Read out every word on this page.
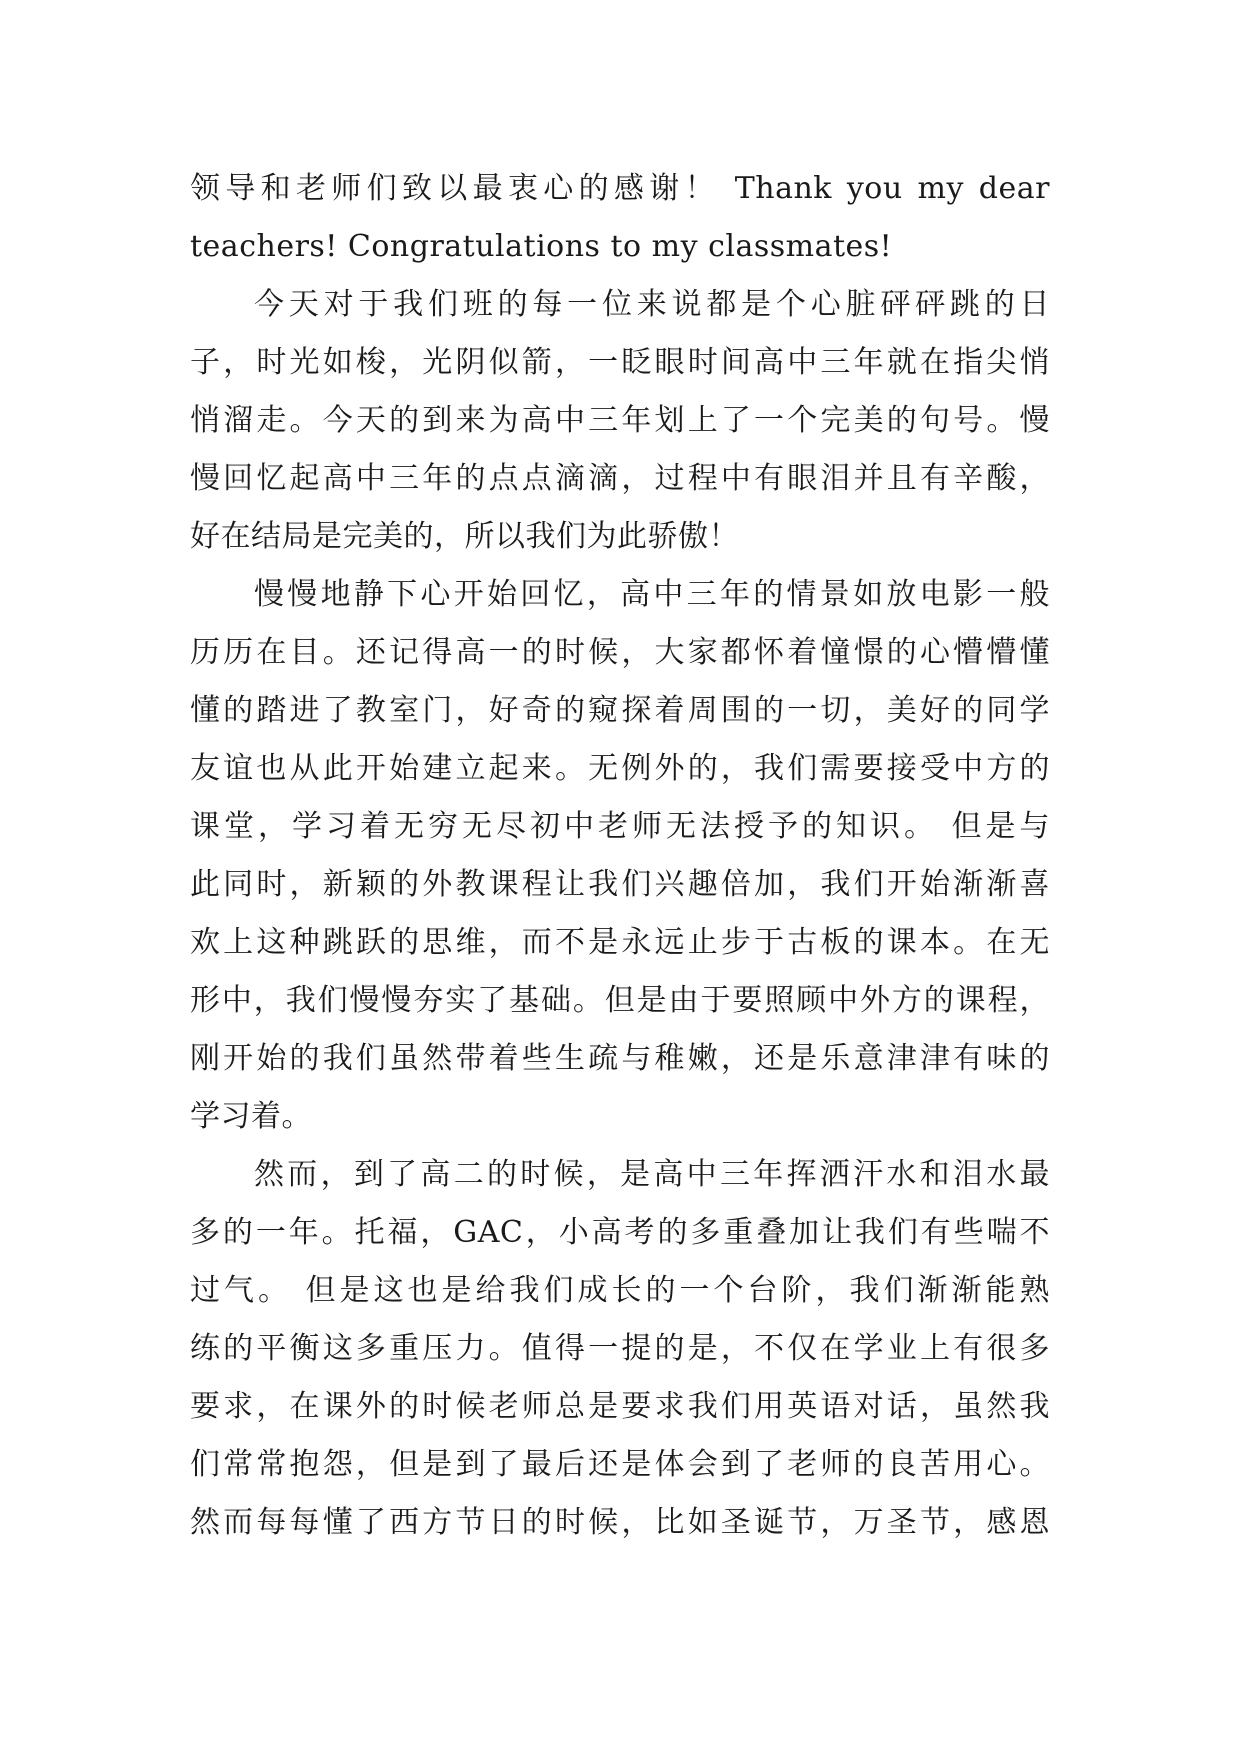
领导和老师们致以最衷心的感谢！ Thank you my dear
teachers! Congratulations to my classmates!
今天对于我们班的每一位来说都是个心脏砰砰跳的日
子，时光如梭，光阴似箭，一眨眼时间高中三年就在指尖悄
悄溜走。今天的到来为高中三年划上了一个完美的句号。慢
慢回忆起高中三年的点点滴滴，过程中有眼泪并且有辛酸，
好在结局是完美的，所以我们为此骄傲！
慢慢地静下心开始回忆，高中三年的情景如放电影一般
历历在目。还记得高一的时候，大家都怀着憧憬的心懵懵懂
懂的踏进了教室门，好奇的窥探着周围的一切，美好的同学
友谊也从此开始建立起来。无例外的，我们需要接受中方的
课堂，学习着无穷无尽初中老师无法授予的知识。 但是与
此同时，新颖的外教课程让我们兴趣倍加，我们开始渐渐喜
欢上这种跳跃的思维，而不是永远止步于古板的课本。在无
形中，我们慢慢夯实了基础。但是由于要照顾中外方的课程，
刚开始的我们虽然带着些生疏与稚嫩，还是乐意津津有味的
学习着。
然而，到了高二的时候，是高中三年挥洒汗水和泪水最
多的一年。托福，GAC，小高考的多重叠加让我们有些喘不
过气。 但是这也是给我们成长的一个台阶，我们渐渐能熟
练的平衡这多重压力。值得一提的是，不仅在学业上有很多
要求，在课外的时候老师总是要求我们用英语对话，虽然我
们常常抱怨，但是到了最后还是体会到了老师的良苦用心。
然而每每懂了西方节日的时候，比如圣诞节，万圣节，感恩
